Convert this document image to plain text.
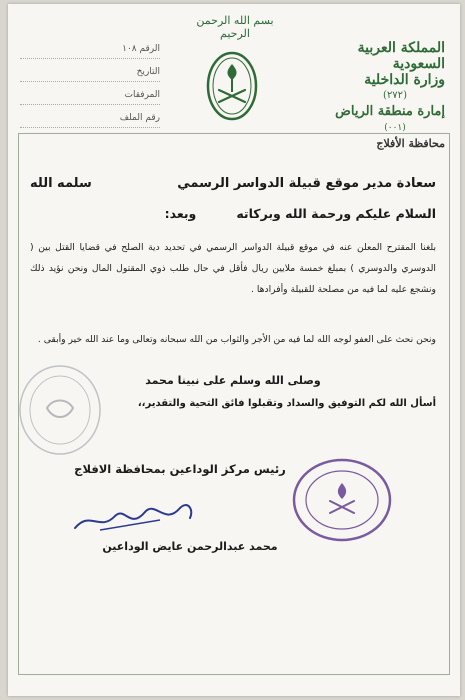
بسم الله الرحمن الرحيم
المملكة العربية السعودية
وزارة الداخلية
(٢٧٢)
إمارة منطقة الرياض
(٠٠١)
محافظة الأفلاج
الرقم ١٠٨
التاريخ
المرفقات
رقم الملف
سعادة مدير موقع قبيلة الدواسر الرسمي
سلمه الله
السلام عليكم ورحمة الله وبركاته
وبعد:
بلغنا المقترح المعلن عنه في موقع قبيلة الدواسر الرسمي في تحديد دية الصلح في قضايا القتل بين ( الدوسري والدوسري ) بمبلغ خمسة ملايين ريال فأقل في حال طلب ذوي المقتول المال ونحن نؤيد ذلك ونشجع عليه لما فيه من مصلحة للقبيلة وأفرادها .
ونحن نحث على العفو لوجه الله لما فيه من الأجر والثواب من الله سبحانه وتعالى وما عند الله خير وأبقى .
وصلى الله وسلم على نبينا محمد
أسأل الله لكم التوفيق والسداد وتقبلوا فائق التحية والتقدير،،
رئيس مركز الوداعين بمحافظة الافلاج
محمد عبدالرحمن عايض الوداعين
